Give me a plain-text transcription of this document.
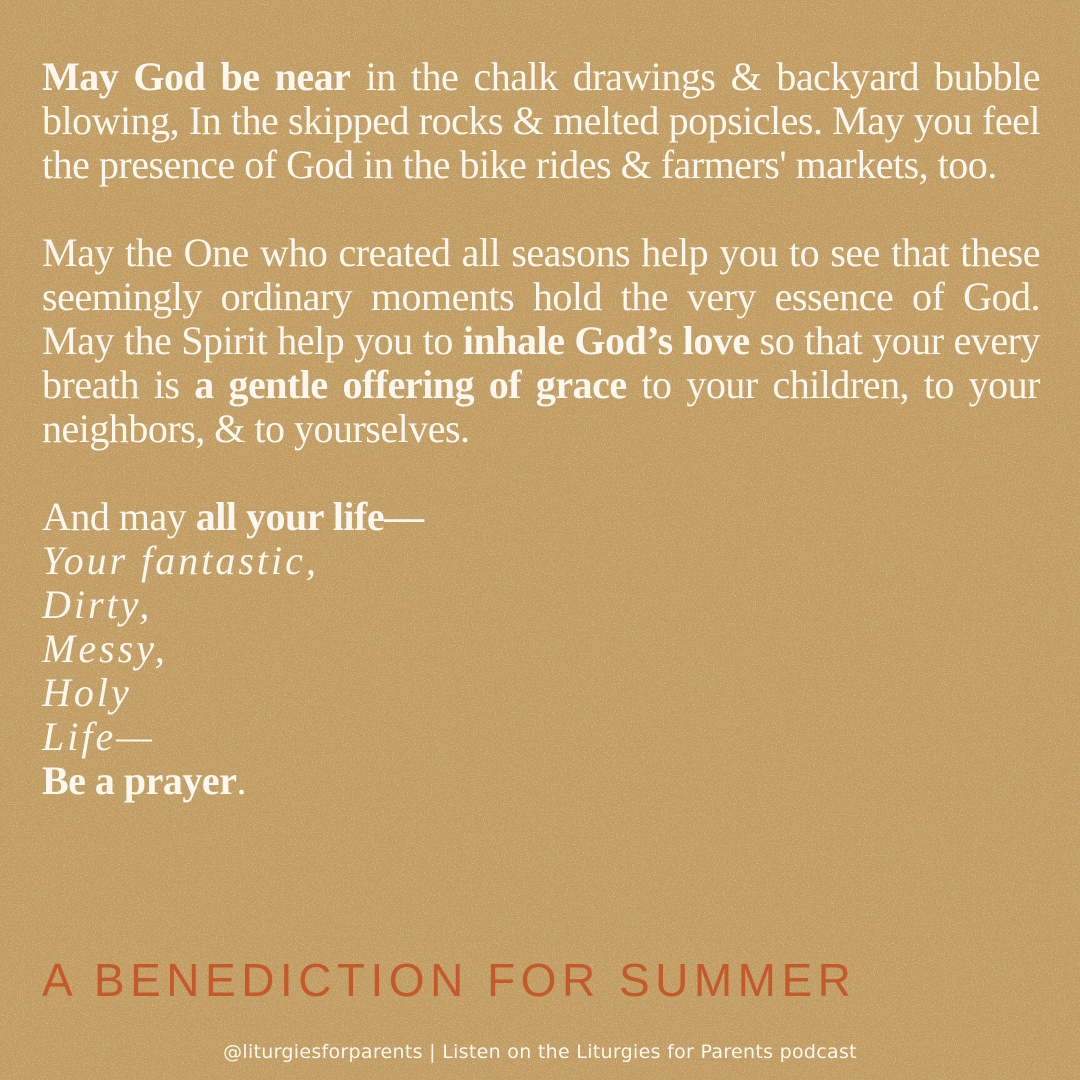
May God be near in the chalk drawings & backyard bubble blowing, In the skipped rocks & melted popsicles. May you feel the presence of God in the bike rides & farmers' markets, too.

May the One who created all seasons help you to see that these seemingly ordinary moments hold the very essence of God. May the Spirit help you to inhale God’s love so that your every breath is a gentle offering of grace to your children, to your neighbors, & to yourselves.

And may all your life—
Your fantastic,
Dirty,
Messy,
Holy
Life—
Be a prayer.
A BENEDICTION FOR SUMMER
@liturgiesforparents | Listen on the Liturgies for Parents podcast
